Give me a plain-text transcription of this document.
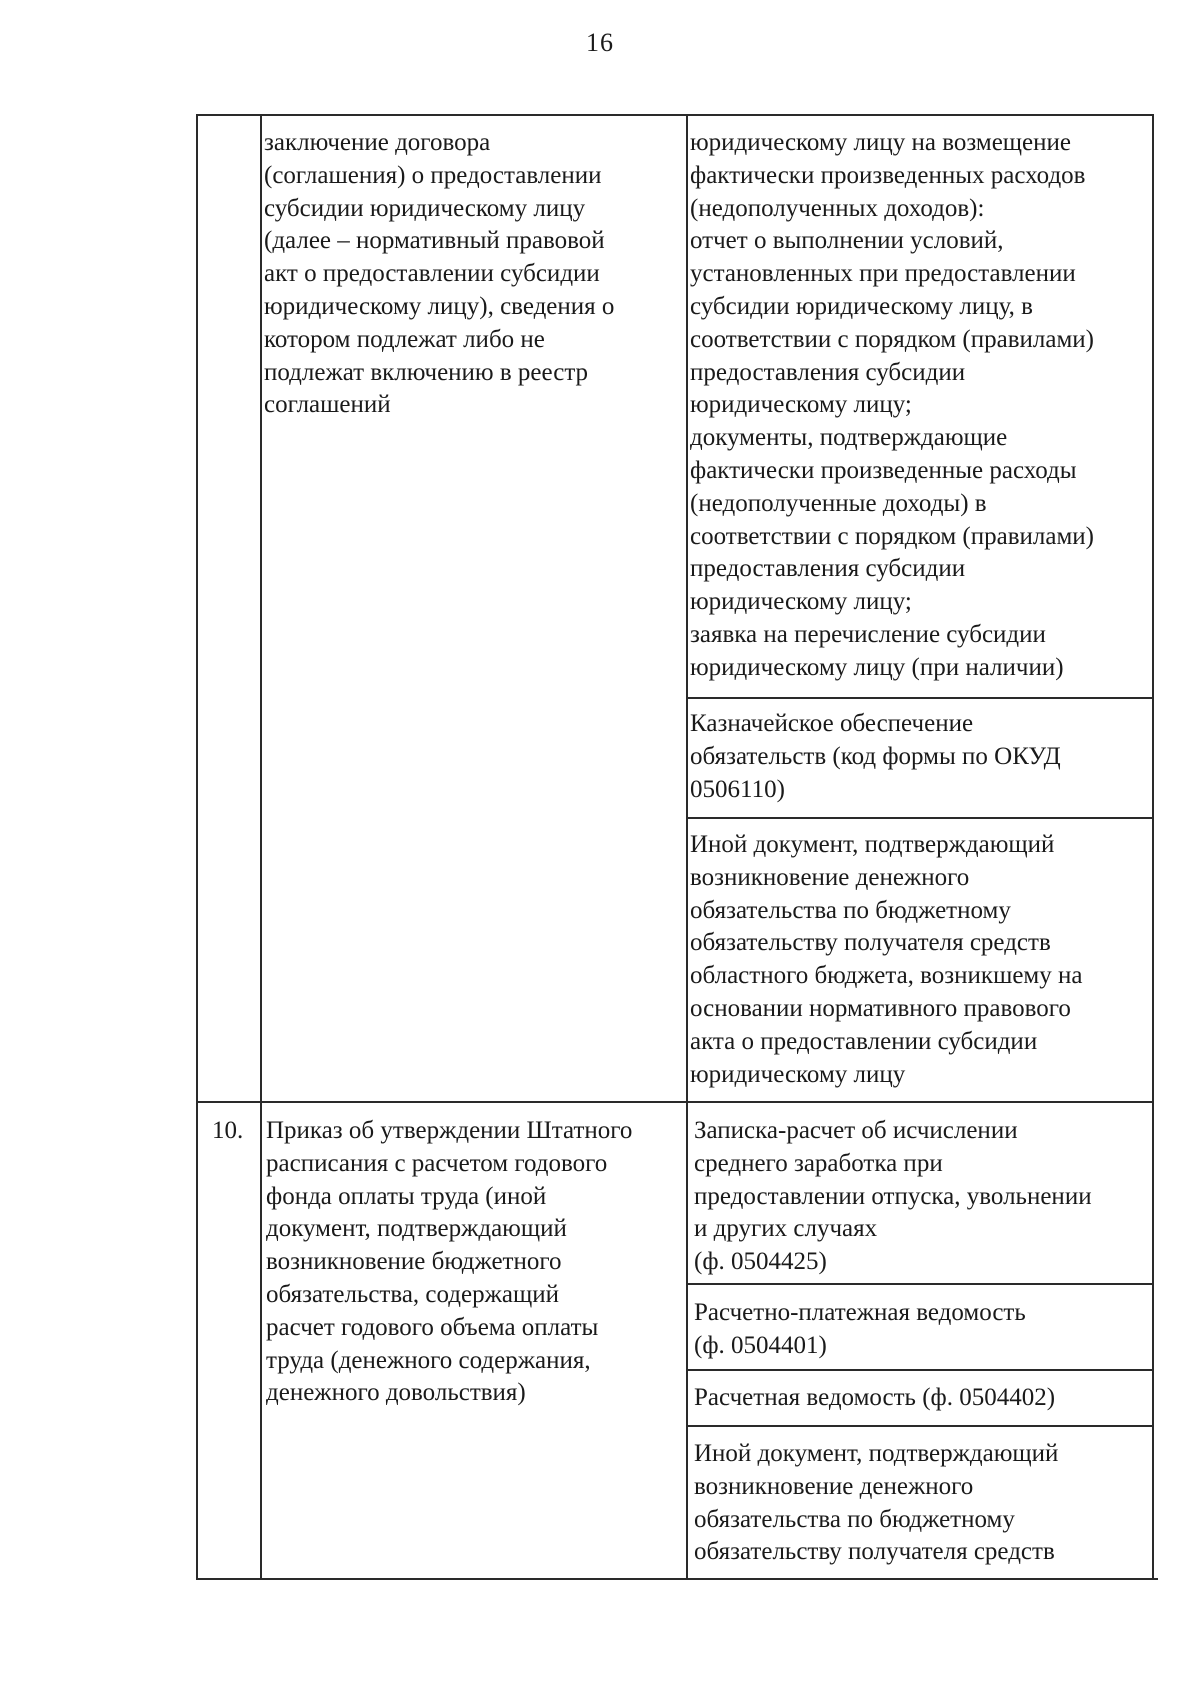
16
заключение договора
(соглашения) о предоставлении
субсидии юридическому лицу
(далее – нормативный правовой
акт о предоставлении субсидии
юридическому лицу), сведения о
котором подлежат либо не
подлежат включению в реестр
соглашений
юридическому лицу на возмещение
фактически произведенных расходов
(недополученных доходов):
отчет о выполнении условий,
установленных при предоставлении
субсидии юридическому лицу, в
соответствии с порядком (правилами)
предоставления субсидии
юридическому лицу;
документы, подтверждающие
фактически произведенные расходы
(недополученные доходы) в
соответствии с порядком (правилами)
предоставления субсидии
юридическому лицу;
заявка на перечисление субсидии
юридическому лицу (при наличии)
Казначейское обеспечение
обязательств (код формы по ОКУД
0506110)
Иной документ, подтверждающий
возникновение денежного
обязательства по бюджетному
обязательству получателя средств
областного бюджета, возникшему на
основании нормативного правового
акта о предоставлении субсидии
юридическому лицу
10. Приказ об утверждении Штатного
расписания с расчетом годового
фонда оплаты труда (иной
документ, подтверждающий
возникновение бюджетного
обязательства, содержащий
расчет годового объема оплаты
труда (денежного содержания,
денежного довольствия)
Записка-расчет об исчислении
среднего заработка при
предоставлении отпуска, увольнении
и других случаях
(ф. 0504425)
Расчетно-платежная ведомость
(ф. 0504401)
Расчетная ведомость (ф. 0504402)
Иной документ, подтверждающий
возникновение денежного
обязательства по бюджетному
обязательству получателя средств
